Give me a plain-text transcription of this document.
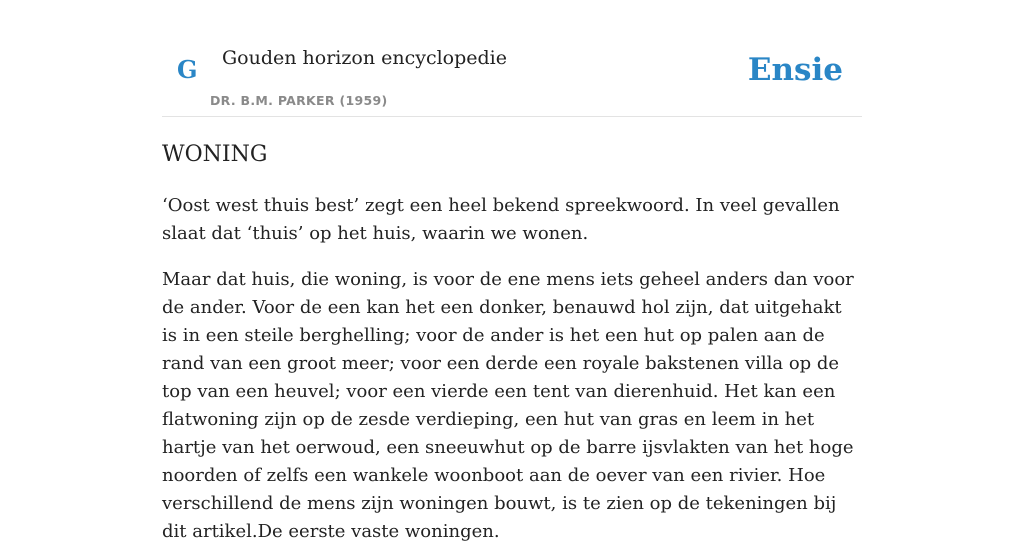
G Gouden horizon encyclopedie
DR. B.M. PARKER (1959)
Ensie
WONING

‘Oost west thuis best’ zegt een heel bekend spreekwoord. In veel gevallen slaat dat ‘thuis’ op het huis, waarin we wonen.

Maar dat huis, die woning, is voor de ene mens iets geheel anders dan voor de ander. Voor de een kan het een donker, benauwd hol zijn, dat uitgehakt is in een steile berghelling; voor de ander is het een hut op palen aan de rand van een groot meer; voor een derde een royale bakstenen villa op de top van een heuvel; voor een vierde een tent van dierenhuid. Het kan een flatwoning zijn op de zesde verdieping, een hut van gras en leem in het hartje van het oerwoud, een sneeuwhut op de barre ijsvlakten van het hoge noorden of zelfs een wankele woonboot aan de oever van een rivier. Hoe verschillend de mens zijn woningen bouwt, is te zien op de tekeningen bij dit artikel.De eerste vaste woningen.
